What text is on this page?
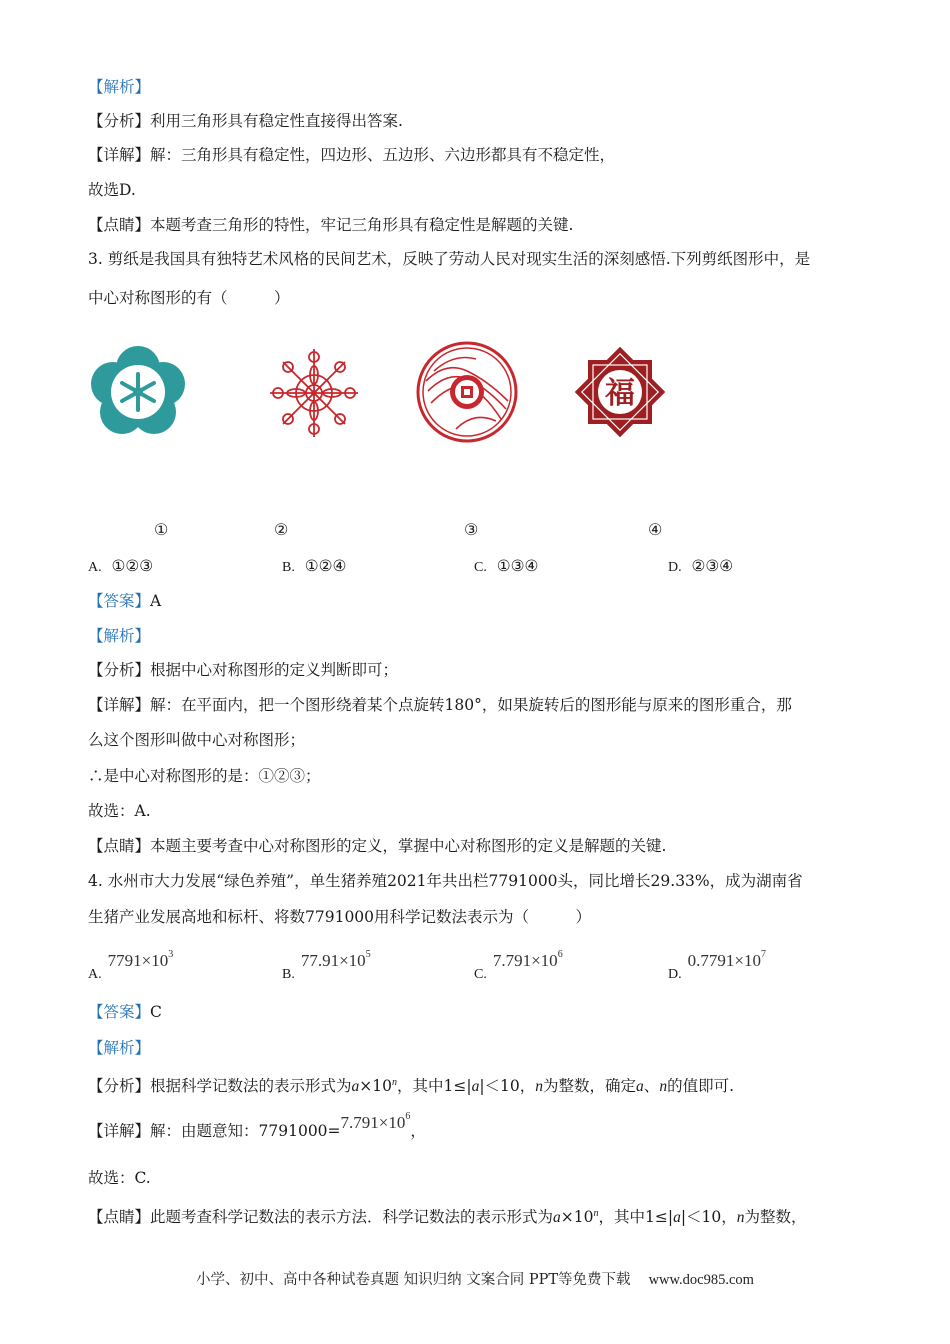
【解析】
【分析】利用三角形具有稳定性直接得出答案.
【详解】解：三角形具有稳定性，四边形、五边形、六边形都具有不稳定性，
故选D.
【点睛】本题考查三角形的特性，牢记三角形具有稳定性是解题的关键.
3. 剪纸是我国具有独特艺术风格的民间艺术，反映了劳动人民对现实生活的深刻感悟.下列剪纸图形中，是
中心对称图形的有（　　　）
福
①	②	③	④
A. ①②③	B. ①②④	C. ①③④	D. ②③④
【答案】A
【解析】
【分析】根据中心对称图形的定义判断即可；
【详解】解：在平面内，把一个图形绕着某个点旋转180°，如果旋转后的图形能与原来的图形重合，那
么这个图形叫做中心对称图形；
∴是中心对称图形的是：①②③；
故选：A.
【点睛】本题主要考查中心对称图形的定义，掌握中心对称图形的定义是解题的关键.
4. 水州市大力发展“绿色养殖”，单生猪养殖2021年共出栏7791000头，同比增长29.33%，成为湖南省
生猪产业发展高地和标杆、将数7791000用科学记数法表示为（　　　）
$A.7791\times 10^3$
$B.77.91\times 10^5$
$C.7.791\times 10^6$
$D.0.7791\times 10^7$
【答案】C
【解析】
【分析】根据科学记数法的表示形式为$a\times 10^n$，其中1≤|a|＜10，n为整数，确定a、n的值即可.
【详解】解：由题意知：$7791000=7.791\times 10^6$，
故选：C.
【点睛】此题考查科学记数法的表示方法．科学记数法的表示形式为$a\times 10^n$，其中1≤|a|＜10，n为整数，
小学、初中、高中各种试卷真题 知识归纳 文案合同 PPT等免费下载 www.doc985.com
